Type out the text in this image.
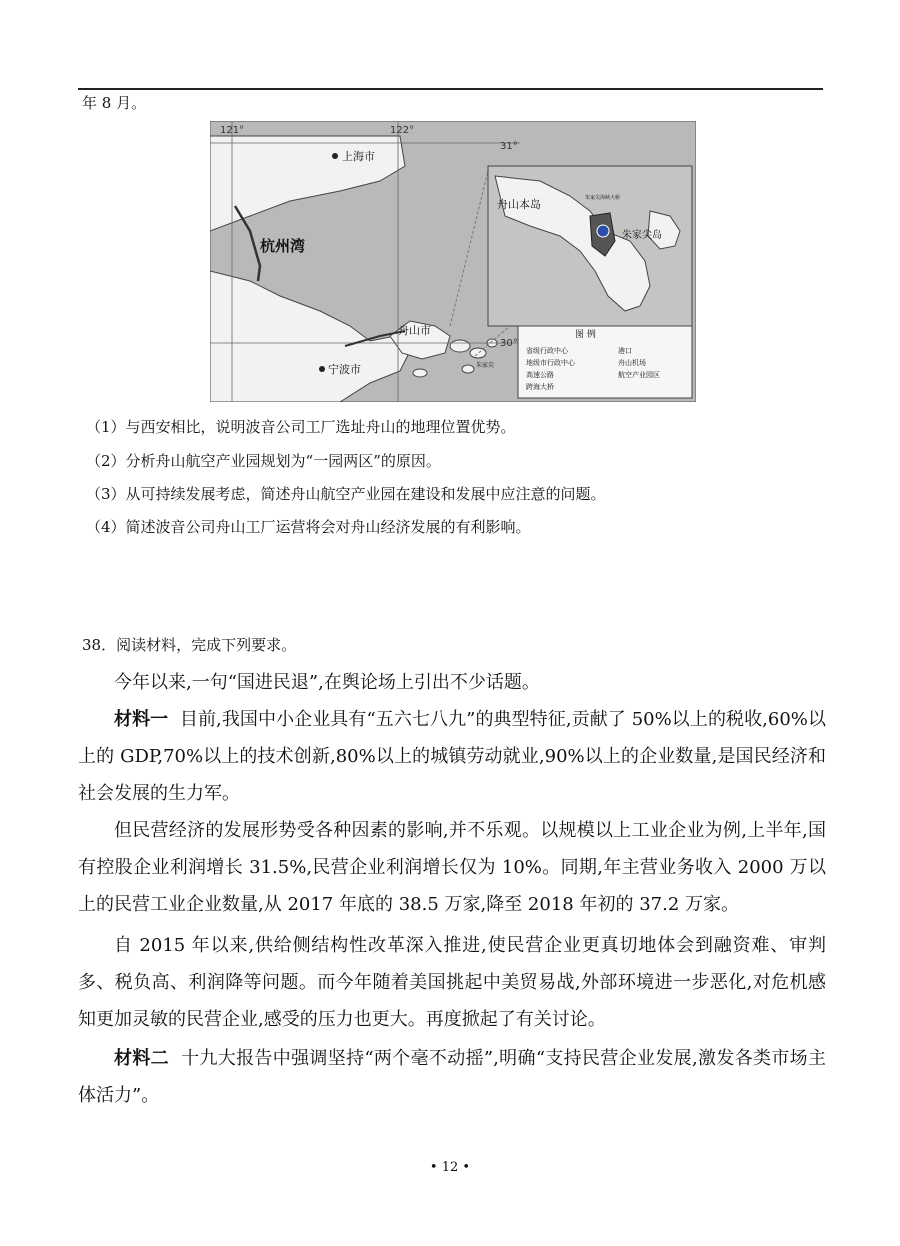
年 8 月。
121°	122°
31°
30°
上海市
杭州湾
宁波市
舟山市
朱家尖
舟山本岛
朱家尖岛
朱家尖海峡大桥
图 例
省级行政中心
地级市行政中心
高速公路
跨海大桥
港口
舟山机场
航空产业园区
（1）与西安相比，说明波音公司工厂选址舟山的地理位置优势。
（2）分析舟山航空产业园规划为“一园两区”的原因。
（3）从可持续发展考虑，简述舟山航空产业园在建设和发展中应注意的问题。
（4）简述波音公司舟山工厂运营将会对舟山经济发展的有利影响。
38．阅读材料，完成下列要求。
今年以来,一句“国进民退”,在舆论场上引出不少话题。
材料一 目前,我国中小企业具有“五六七八九”的典型特征,贡献了 50%以上的税收,60%以上的 GDP,70%以上的技术创新,80%以上的城镇劳动就业,90%以上的企业数量,是国民经济和社会发展的生力军。
但民营经济的发展形势受各种因素的影响,并不乐观。以规模以上工业企业为例,上半年,国有控股企业利润增长 31.5%,民营企业利润增长仅为 10%。同期,年主营业务收入 2000 万以上的民营工业企业数量,从 2017 年底的 38.5 万家,降至 2018 年初的 37.2 万家。
自 2015 年以来,供给侧结构性改革深入推进,使民营企业更真切地体会到融资难、审判多、税负高、利润降等问题。而今年随着美国挑起中美贸易战,外部环境进一步恶化,对危机感知更加灵敏的民营企业,感受的压力也更大。再度掀起了有关讨论。
材料二 十九大报告中强调坚持“两个毫不动摇”,明确“支持民营企业发展,激发各类市场主体活力”。
• 12 •
